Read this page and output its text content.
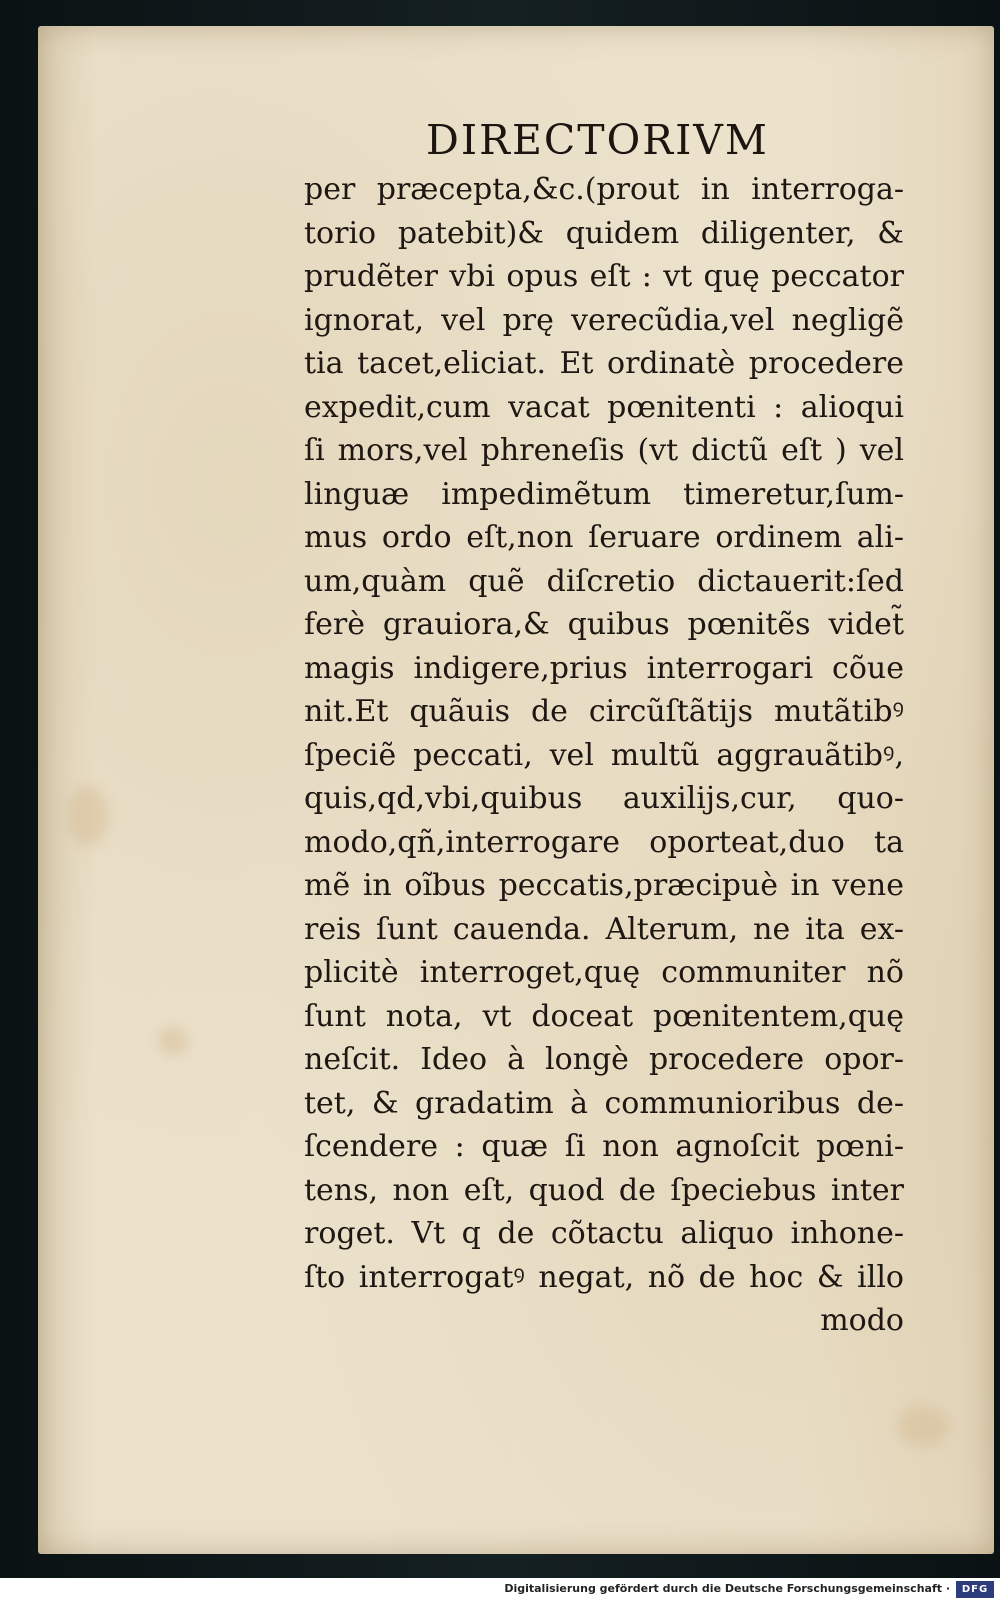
DIRECTORIVM
per præcepta,&c.(prout in interroga-
torio patebit)& quidem diligenter, &
prudẽter vbi opus eſt : vt quę peccator
ignorat, vel prę verecũdia,vel negligẽ
tia tacet,eliciat. Et ordinatè procedere
expedit,cum vacat pœnitenti : alioqui
ſi mors,vel phreneſis (vt dictũ eſt ) vel
linguæ impedimẽtum timeretur,ſum-
mus ordo eſt,non ſeruare ordinem ali-
um,quàm quẽ diſcretio dictauerit:ſed
ferè grauiora,& quibus pœnitẽs videt̃
magis indigere,prius interrogari cõue
nit.Et quãuis de circũſtãtijs mutãtibꝰ
ſpeciẽ peccati, vel multũ aggrauãtibꝰ,
quis,qd,vbi,quibus auxilijs,cur, quo-
modo,qñ,interrogare oporteat,duo ta
mẽ in oĩbus peccatis,præcipuè in vene
reis ſunt cauenda. Alterum, ne ita ex-
plicitè interroget,quę communiter nõ
ſunt nota, vt doceat pœnitentem,quę
neſcit. Ideo à longè procedere opor-
tet, & gradatim à communioribus de-
ſcendere : quæ ſi non agnoſcit pœni-
tens, non eſt, quod de ſpeciebus inter
roget. Vt q de cõtactu aliquo inhone-
ſto interrogatꝰ negat, nõ de hoc & illo
modo
Digitalisierung gefördert durch die Deutsche Forschungsgemeinschaft ·	DFG
